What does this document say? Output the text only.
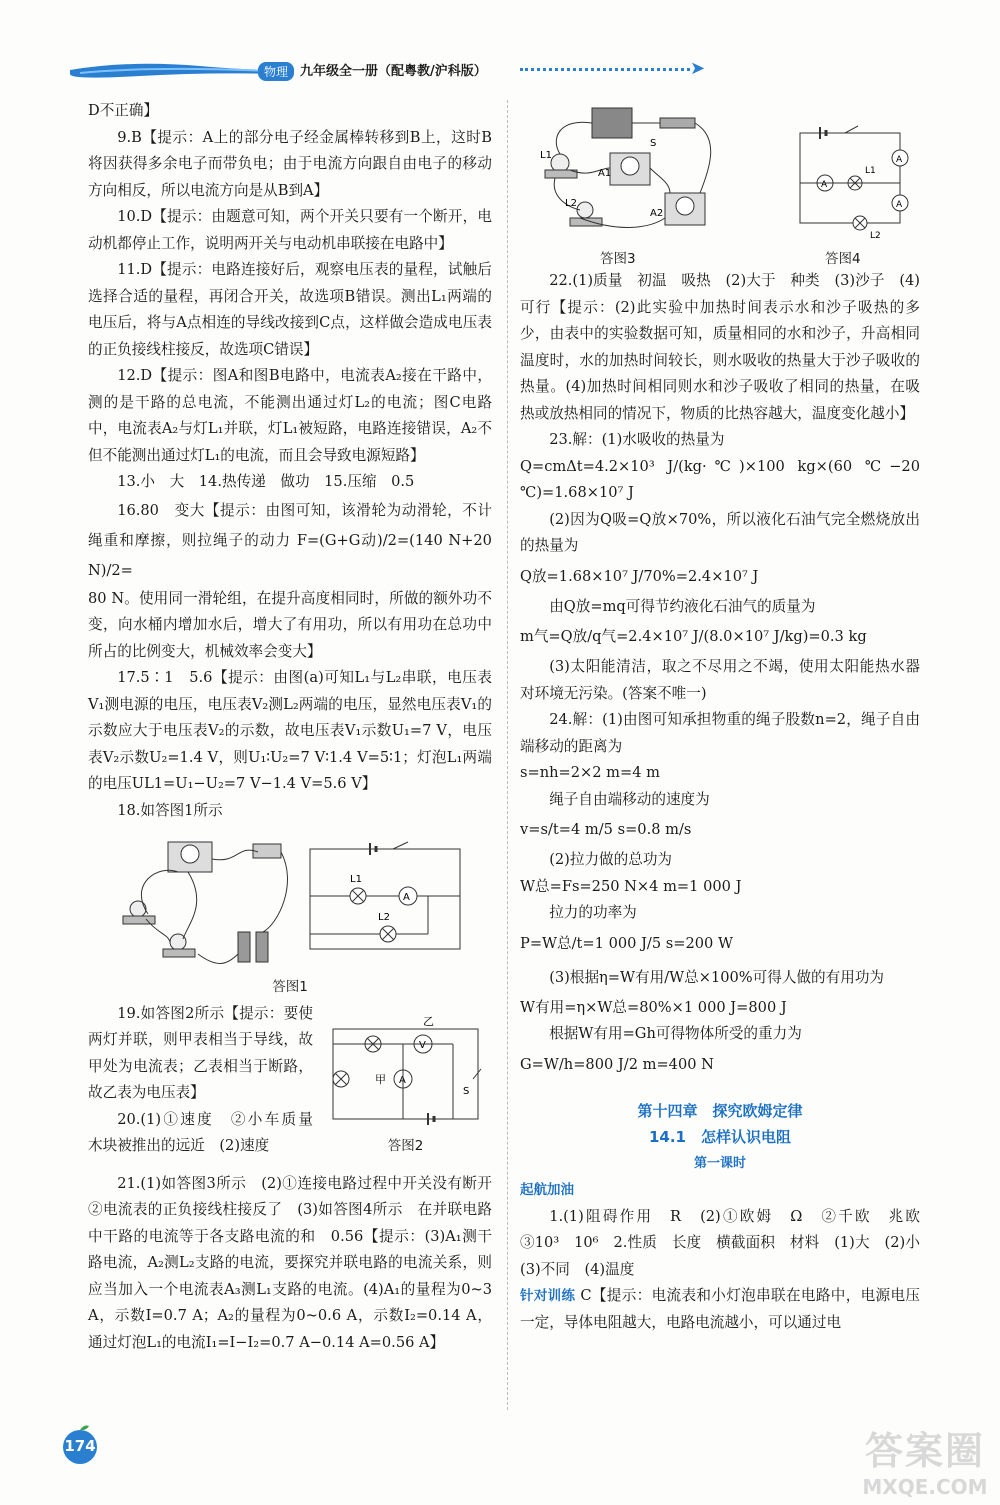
物理 九年级全一册（配粤教/沪科版）	➤

D不正确】

9.B【提示：A上的部分电子经金属棒转移到B上，这时B将因获得多余电子而带负电；由于电流方向跟自由电子的移动方向相反，所以电流方向是从B到A】

10.D【提示：由题意可知，两个开关只要有一个断开，电动机都停止工作，说明两开关与电动机串联接在电路中】

11.D【提示：电路连接好后，观察电压表的量程，试触后选择合适的量程，再闭合开关，故选项B错误。测出L₁两端的电压后，将与A点相连的导线改接到C点，这样做会造成电压表的正负接线柱接反，故选项C错误】

12.D【提示：图A和图B电路中，电流表A₂接在干路中，测的是干路的总电流，不能测出通过灯L₂的电流；图C电路中，电流表A₂与灯L₁并联，灯L₁被短路，电路连接错误，A₂不但不能测出通过灯L₁的电流，而且会导致电源短路】

13.小　大　14.热传递　做功　15.压缩　0.5

16.80　变大【提示：由图可知，该滑轮为动滑轮，不计绳重和摩擦，则拉绳子的动力 F=(G+G动)/2=(140 N+20 N)/2=

80 N。使用同一滑轮组，在提升高度相同时，所做的额外功不变，向水桶内增加水后，增大了有用功，所以有用功在总功中所占的比例变大，机械效率会变大】

17.5∶1　5.6【提示：由图(a)可知L₁与L₂串联，电压表V₁测电源的电压，电压表V₂测L₂两端的电压，显然电压表V₁的示数应大于电压表V₂的示数，故电压表V₁示数U₁=7 V，电压表V₂示数U₂=1.4 V，则U₁∶U₂=7 V∶1.4 V=5∶1；灯泡L₁两端的电压UL1=U₁−U₂=7 V−1.4 V=5.6 V】

18.如答图1所示

A
L1
L2

答图1

19.如答图2所示【提示：要使两灯并联，则甲表相当于导线，故甲处为电流表；乙表相当于断路，故乙表为电压表】

20.(1)①速度　②小车质量　木块被推出的远近　(2)速度

V
乙
A
甲
S

答图2

21.(1)如答图3所示　(2)①连接电路过程中开关没有断开　②电流表的正负接线柱接反了　(3)如答图4所示　在并联电路中干路的电流等于各支路电流的和　0.56【提示：(3)A₁测干路电流，A₂测L₂支路的电流，要探究并联电路的电流关系，则应当加入一个电流表A₃测L₁支路的电流。(4)A₁的量程为0~3 A，示数I=0.7 A；A₂的量程为0~0.6 A，示数I₂=0.14 A，通过灯泡L₁的电流I₁=I−I₂=0.7 A−0.14 A=0.56 A】

S
L1
A1
L2
A2
A
A
A
L1
L2
答图3	答图4

22.(1)质量　初温　吸热　(2)大于　种类　(3)沙子　(4)可行【提示：(2)此实验中加热时间表示水和沙子吸热的多少，由表中的实验数据可知，质量相同的水和沙子，升高相同温度时，水的加热时间较长，则水吸收的热量大于沙子吸收的热量。(4)加热时间相同则水和沙子吸收了相同的热量，在吸热或放热相同的情况下，物质的比热容越大，温度变化越小】

23.解：(1)水吸收的热量为

Q=cmΔt=4.2×10³ J/(kg·℃)×100 kg×(60 ℃−20 ℃)=1.68×10⁷ J

(2)因为Q吸=Q放×70%，所以液化石油气完全燃烧放出的热量为

Q放=1.68×10⁷ J/70%=2.4×10⁷ J

由Q放=mq可得节约液化石油气的质量为

m气=Q放/q气=2.4×10⁷ J/(8.0×10⁷ J/kg)=0.3 kg

(3)太阳能清洁，取之不尽用之不竭，使用太阳能热水器对环境无污染。(答案不唯一)

24.解：(1)由图可知承担物重的绳子股数n=2，绳子自由端移动的距离为

s=nh=2×2 m=4 m

绳子自由端移动的速度为

v=s/t=4 m/5 s=0.8 m/s

(2)拉力做的总功为

W总=Fs=250 N×4 m=1 000 J

拉力的功率为

P=W总/t=1 000 J/5 s=200 W

(3)根据η=W有用/W总×100%可得人做的有用功为

W有用=η×W总=80%×1 000 J=800 J

根据W有用=Gh可得物体所受的重力为

G=W/h=800 J/2 m=400 N

第十四章　探究欧姆定律

14.1　怎样认识电阻

第一课时

起航加油

1.(1)阻碍作用　R　(2)①欧姆　Ω　②千欧　兆欧　③10³　10⁶　2.性质　长度　横截面积　材料　(1)大　(2)小　(3)不同　(4)温度

针对训练 C【提示：电流表和小灯泡串联在电路中，电源电压一定，导体电阻越大，电路电流越小，可以通过电

174	答案圈
MXQE.COM
